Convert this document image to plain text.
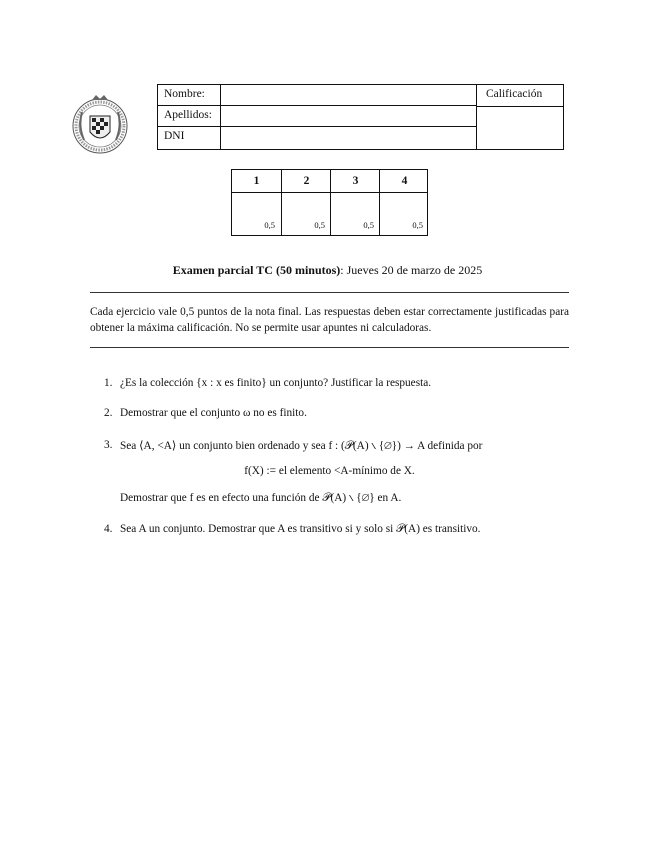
Nombre:
Apellidos:
DNI
Calificación
1
0,5
2
0,5
3
0,5
4
0,5
Examen parcial TC (50 minutos): Jueves 20 de marzo de 2025
Cada ejercicio vale 0,5 puntos de la nota final. Las respuestas deben estar correctamente justificadas para obtener la máxima calificación. No se permite usar apuntes ni calculadoras.
1. ¿Es la colección {x : x es finito} un conjunto? Justificar la respuesta.
2. Demostrar que el conjunto ω no es finito.
3. Sea ⟨A, <A⟩ un conjunto bien ordenado y sea f : (𝒫(A) ∖ {∅}) → A definida por
f(X) := el elemento <A-mínimo de X.
Demostrar que f es en efecto una función de 𝒫(A) ∖ {∅} en A.
4. Sea A un conjunto. Demostrar que A es transitivo si y solo si 𝒫(A) es transitivo.
